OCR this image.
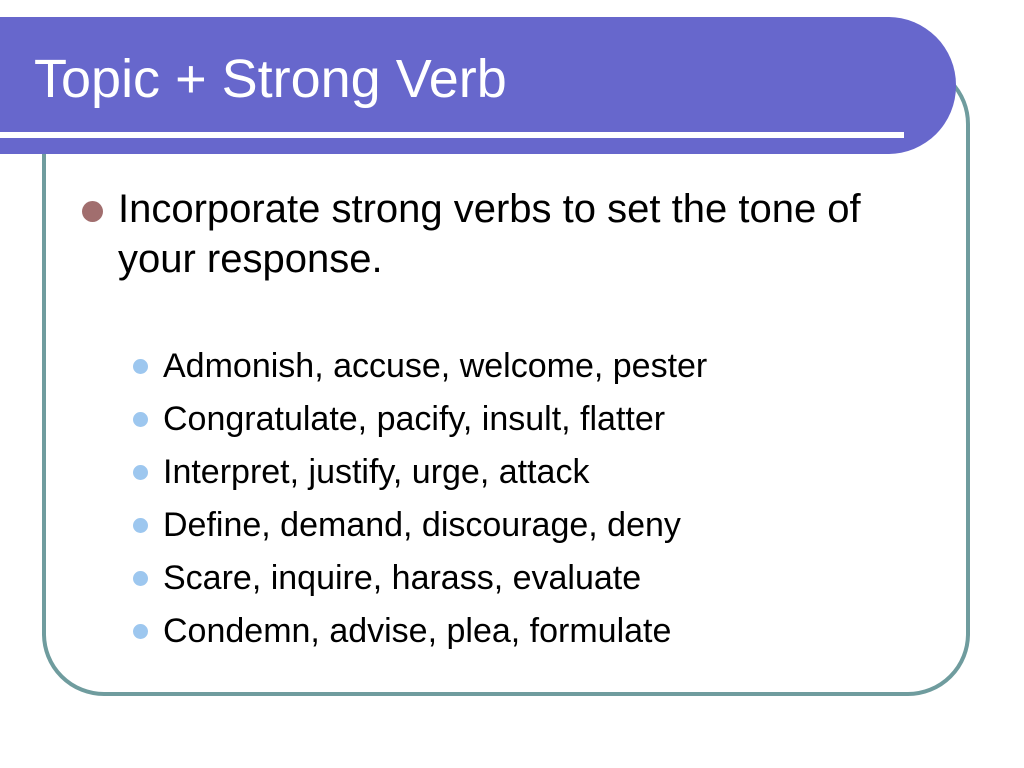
Topic + Strong Verb
Incorporate strong verbs to set the tone of your response.
Admonish, accuse, welcome, pester
Congratulate, pacify, insult, flatter
Interpret, justify, urge, attack
Define, demand, discourage, deny
Scare, inquire, harass, evaluate
Condemn, advise, plea, formulate
